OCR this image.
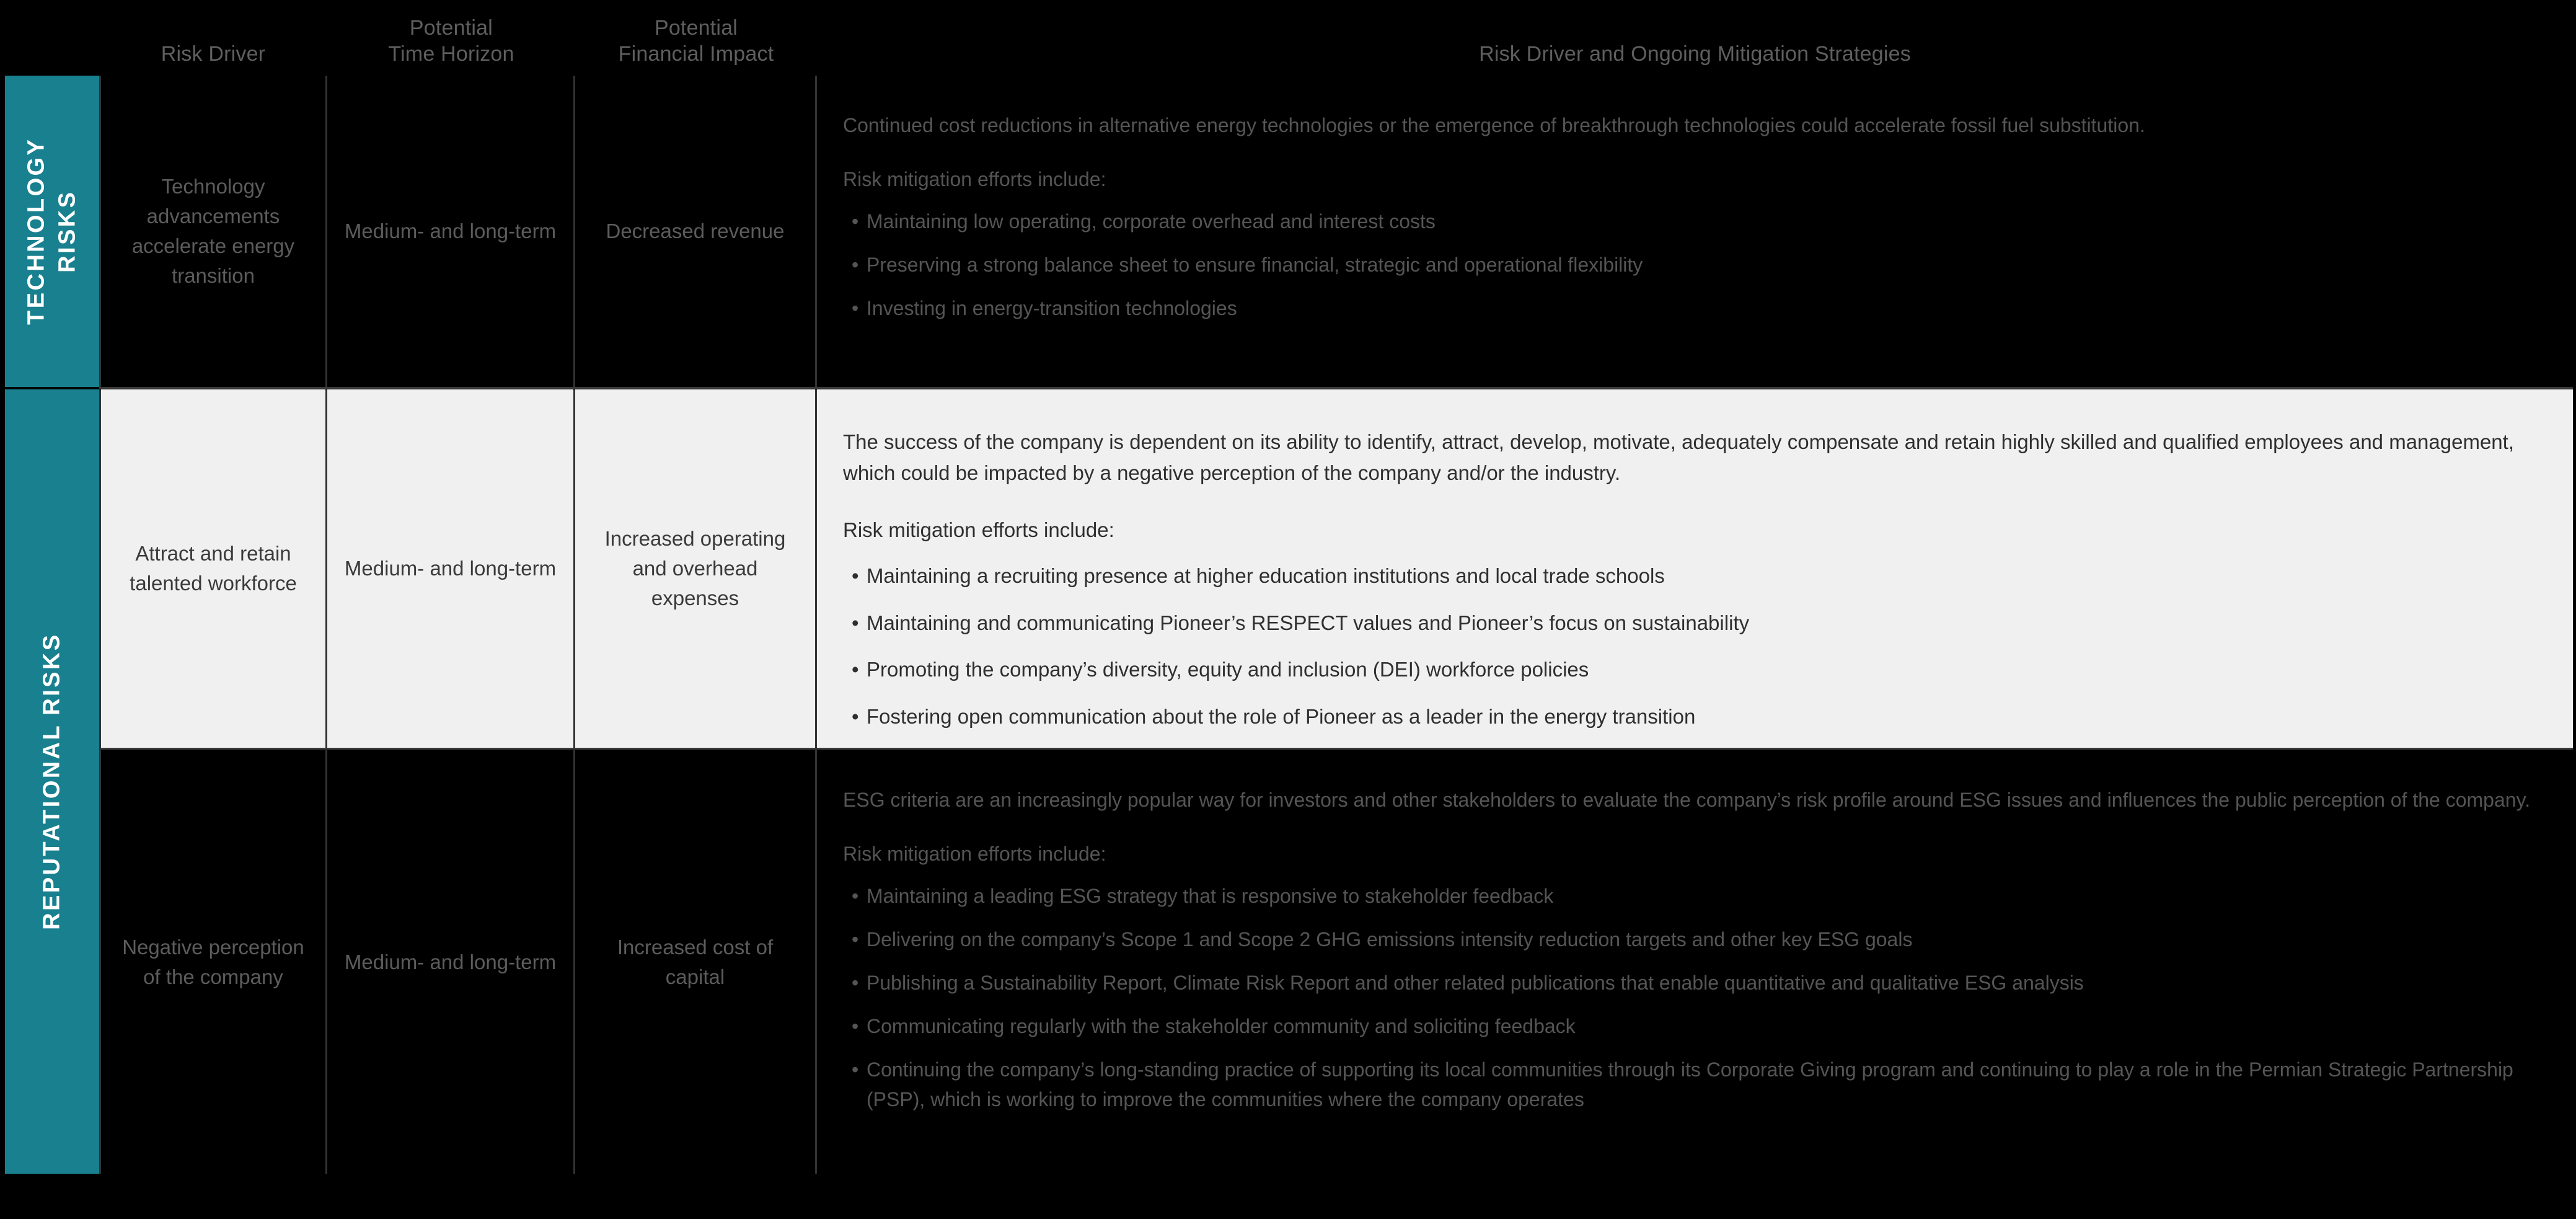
Risk Driver
Potential
Time Horizon
Potential
Financial Impact	Risk Driver and Ongoing Mitigation Strategies
TECHNOLOGY RISKS
REPUTATIONAL RISKS
Technology advancements accelerate energy transition
Medium- and long-term	Decreased revenue

Continued cost reductions in alternative energy technologies or the emergence of breakthrough technologies could accelerate fossil fuel substitution.

Risk mitigation efforts include:

• Maintaining low operating, corporate overhead and interest costs
• Preserving a strong balance sheet to ensure financial, strategic and operational flexibility
• Investing in energy-transition technologies
Attract and retain talented workforce
Medium- and long-term
Increased operating and overhead expenses

The success of the company is dependent on its ability to identify, attract, develop, motivate, adequately compensate and retain highly skilled and qualified employees and management, which could be impacted by a negative perception of the company and/or the industry.

Risk mitigation efforts include:

• Maintaining a recruiting presence at higher education institutions and local trade schools
• Maintaining and communicating Pioneer’s RESPECT values and Pioneer’s focus on sustainability
• Promoting the company’s diversity, equity and inclusion (DEI) workforce policies
• Fostering open communication about the role of Pioneer as a leader in the energy transition
Negative perception of the company
Medium- and long-term
Increased cost of capital

ESG criteria are an increasingly popular way for investors and other stakeholders to evaluate the company’s risk profile around ESG issues and influences the public perception of the company.

Risk mitigation efforts include:

• Maintaining a leading ESG strategy that is responsive to stakeholder feedback
• Delivering on the company’s Scope 1 and Scope 2 GHG emissions intensity reduction targets and other key ESG goals
• Publishing a Sustainability Report, Climate Risk Report and other related publications that enable quantitative and qualitative ESG analysis
• Communicating regularly with the stakeholder community and soliciting feedback
• Continuing the company’s long-standing practice of supporting its local communities through its Corporate Giving program and continuing to play a role in the Permian Strategic Partnership (PSP), which is working to improve the communities where the company operates
